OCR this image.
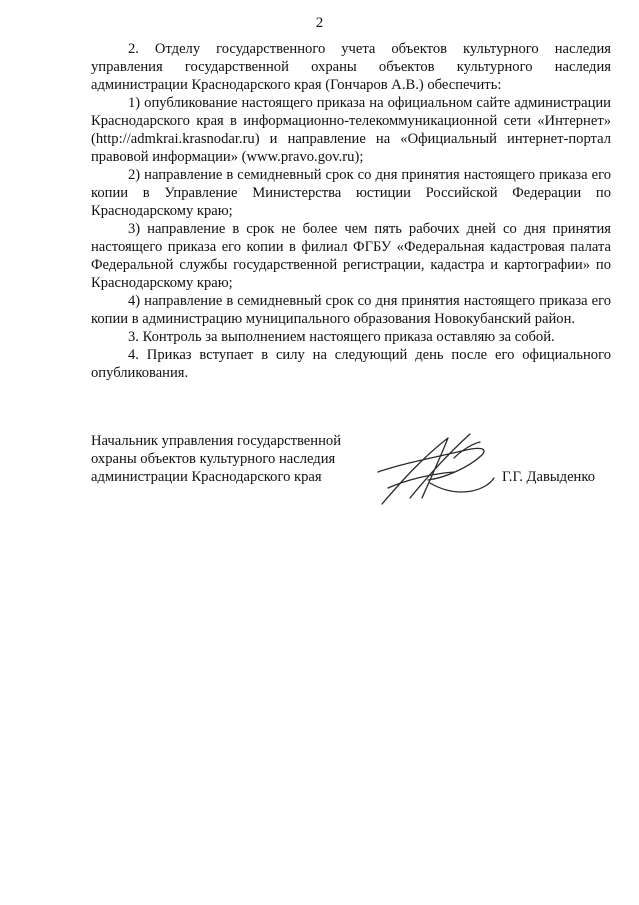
2

2. Отделу государственного учета объектов культурного наследия управления государственной охраны объектов культурного наследия администрации Краснодарского края (Гончаров А.В.) обеспечить:

1) опубликование настоящего приказа на официальном сайте администрации Краснодарского края в информационно-телекоммуникационной сети «Интернет» (http://admkrai.krasnodar.ru) и направление на «Официальный интернет-портал правовой информации» (www.pravo.gov.ru);

2) направление в семидневный срок со дня принятия настоящего приказа его копии в Управление Министерства юстиции Российской Федерации по Краснодарскому краю;

3) направление в срок не более чем пять рабочих дней со дня принятия настоящего приказа его копии в филиал ФГБУ «Федеральная кадастровая палата Федеральной службы государственной регистрации, кадастра и картографии» по Краснодарскому краю;

4) направление в семидневный срок со дня принятия настоящего приказа его копии в администрацию муниципального образования Новокубанский район.

3. Контроль за выполнением настоящего приказа оставляю за собой.

4. Приказ вступает в силу на следующий день после его официального опубликования.

Начальник управления государственной
охраны объектов культурного наследия
администрации Краснодарского края	Г.Г. Давыденко
